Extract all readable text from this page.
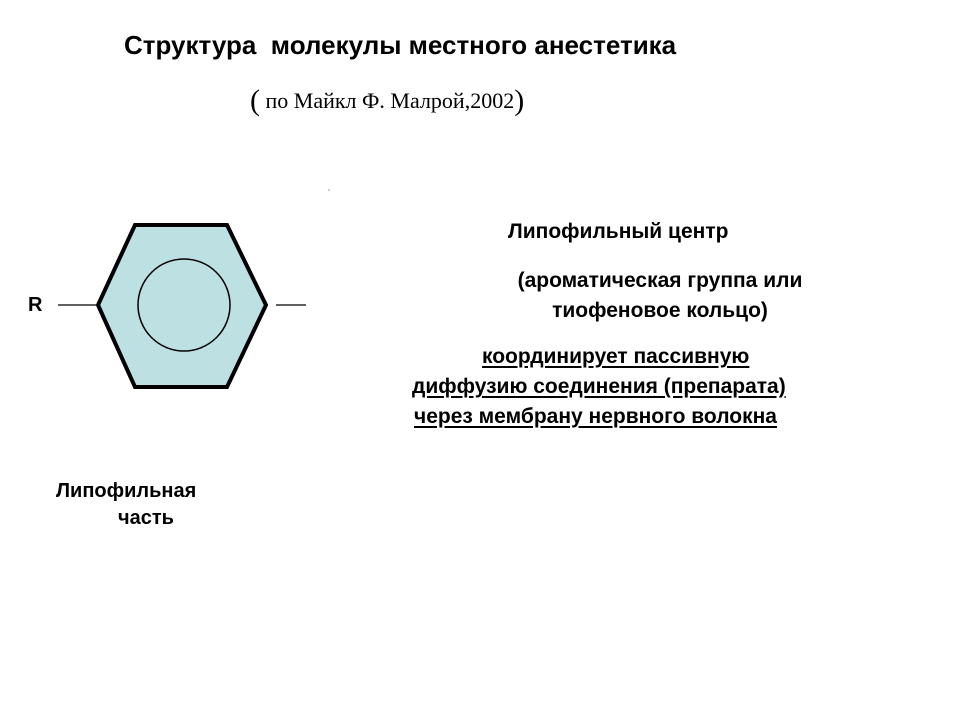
Структура  молекулы местного анестетика
( по Майкл Ф. Малрой,2002)
R
Липофильная
часть
Липофильный центр
(ароматическая группа или
тиофеновое кольцо)
координирует пассивную
диффузию соединения (препарата)
через мембрану нервного волокна
